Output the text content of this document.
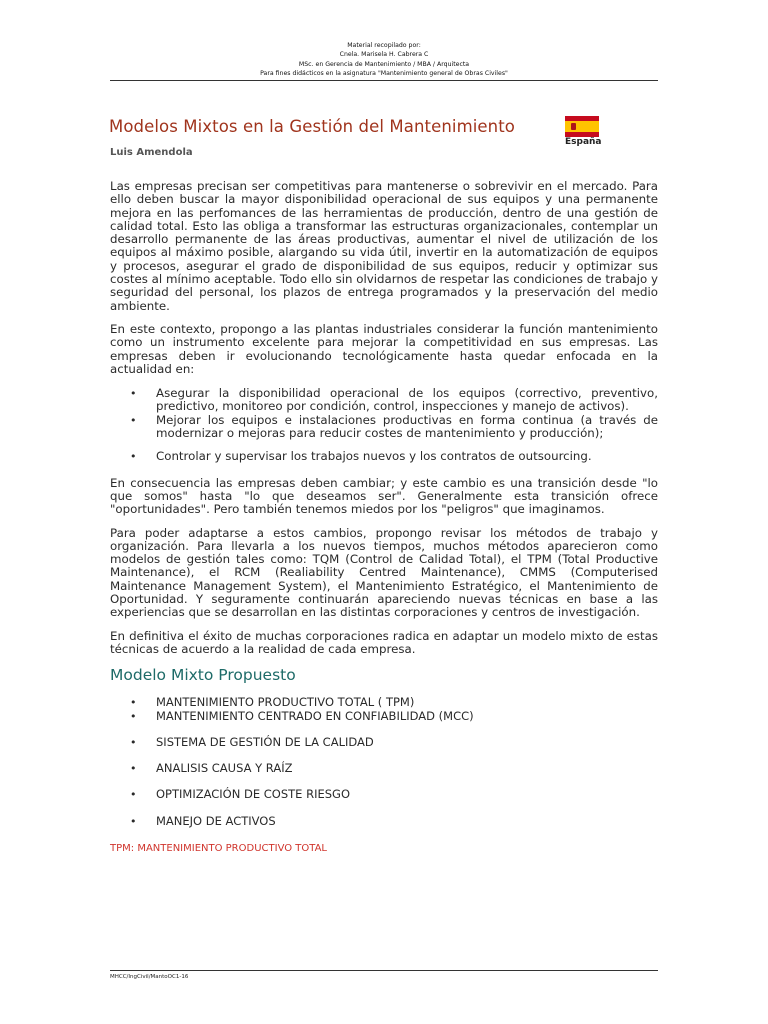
Material recopilado por:
Cnela. Marisela H. Cabrera C
MSc. en Gerencia de Mantenimiento / MBA / Arquitecta
Para fines didácticos en la asignatura "Mantenimiento general de Obras Civiles"
Modelos Mixtos en la Gestión del Mantenimiento
Luis Amendola
España

Las empresas precisan ser competitivas para mantenerse o sobrevivir en el mercado. Para ello deben buscar la mayor disponibilidad operacional de sus equipos y una permanente mejora en las perfomances de las herramientas de producción, dentro de una gestión de calidad total. Esto las obliga a transformar las estructuras organizacionales, contemplar un desarrollo permanente de las áreas productivas, aumentar el nivel de utilización de los equipos al máximo posible, alargando su vida útil, invertir en la automatización de equipos y procesos, asegurar el grado de disponibilidad de sus equipos, reducir y optimizar sus costes al mínimo aceptable. Todo ello sin olvidarnos de respetar las condiciones de trabajo y seguridad del personal, los plazos de entrega programados y la preservación del medio ambiente.

En este contexto, propongo a las plantas industriales considerar la función mantenimiento como un instrumento excelente para mejorar la competitividad en sus empresas. Las empresas deben ir evolucionando tecnológicamente hasta quedar enfocada en la actualidad en:

• Asegurar la disponibilidad operacional de los equipos (correctivo, preventivo, predictivo, monitoreo por condición, control, inspecciones y manejo de activos).
• Mejorar los equipos e instalaciones productivas en forma continua (a través de modernizar o mejoras para reducir costes de mantenimiento y producción);
• Controlar y supervisar los trabajos nuevos y los contratos de outsourcing.

En consecuencia las empresas deben cambiar; y este cambio es una transición desde "lo que somos" hasta "lo que deseamos ser". Generalmente esta transición ofrece "oportunidades". Pero también tenemos miedos por los "peligros" que imaginamos.

Para poder adaptarse a estos cambios, propongo revisar los métodos de trabajo y organización. Para llevarla a los nuevos tiempos, muchos métodos aparecieron como modelos de gestión tales como: TQM (Control de Calidad Total), el TPM (Total Productive Maintenance), el RCM (Realiability Centred Maintenance), CMMS (Computerised Maintenance Management System), el Mantenimiento Estratégico, el Mantenimiento de Oportunidad. Y seguramente continuarán apareciendo nuevas técnicas en base a las experiencias que se desarrollan en las distintas corporaciones y centros de investigación.

En definitiva el éxito de muchas corporaciones radica en adaptar un modelo mixto de estas técnicas de acuerdo a la realidad de cada empresa.

Modelo Mixto Propuesto
• MANTENIMIENTO PRODUCTIVO TOTAL ( TPM)
• MANTENIMIENTO CENTRADO EN CONFIABILIDAD (MCC)
• SISTEMA DE GESTIÓN DE LA CALIDAD
• ANALISIS CAUSA Y RAÍZ
• OPTIMIZACIÓN DE COSTE RIESGO
• MANEJO DE ACTIVOS
TPM: MANTENIMIENTO PRODUCTIVO TOTAL
MHCC/IngCivil/MantoOC1-16
